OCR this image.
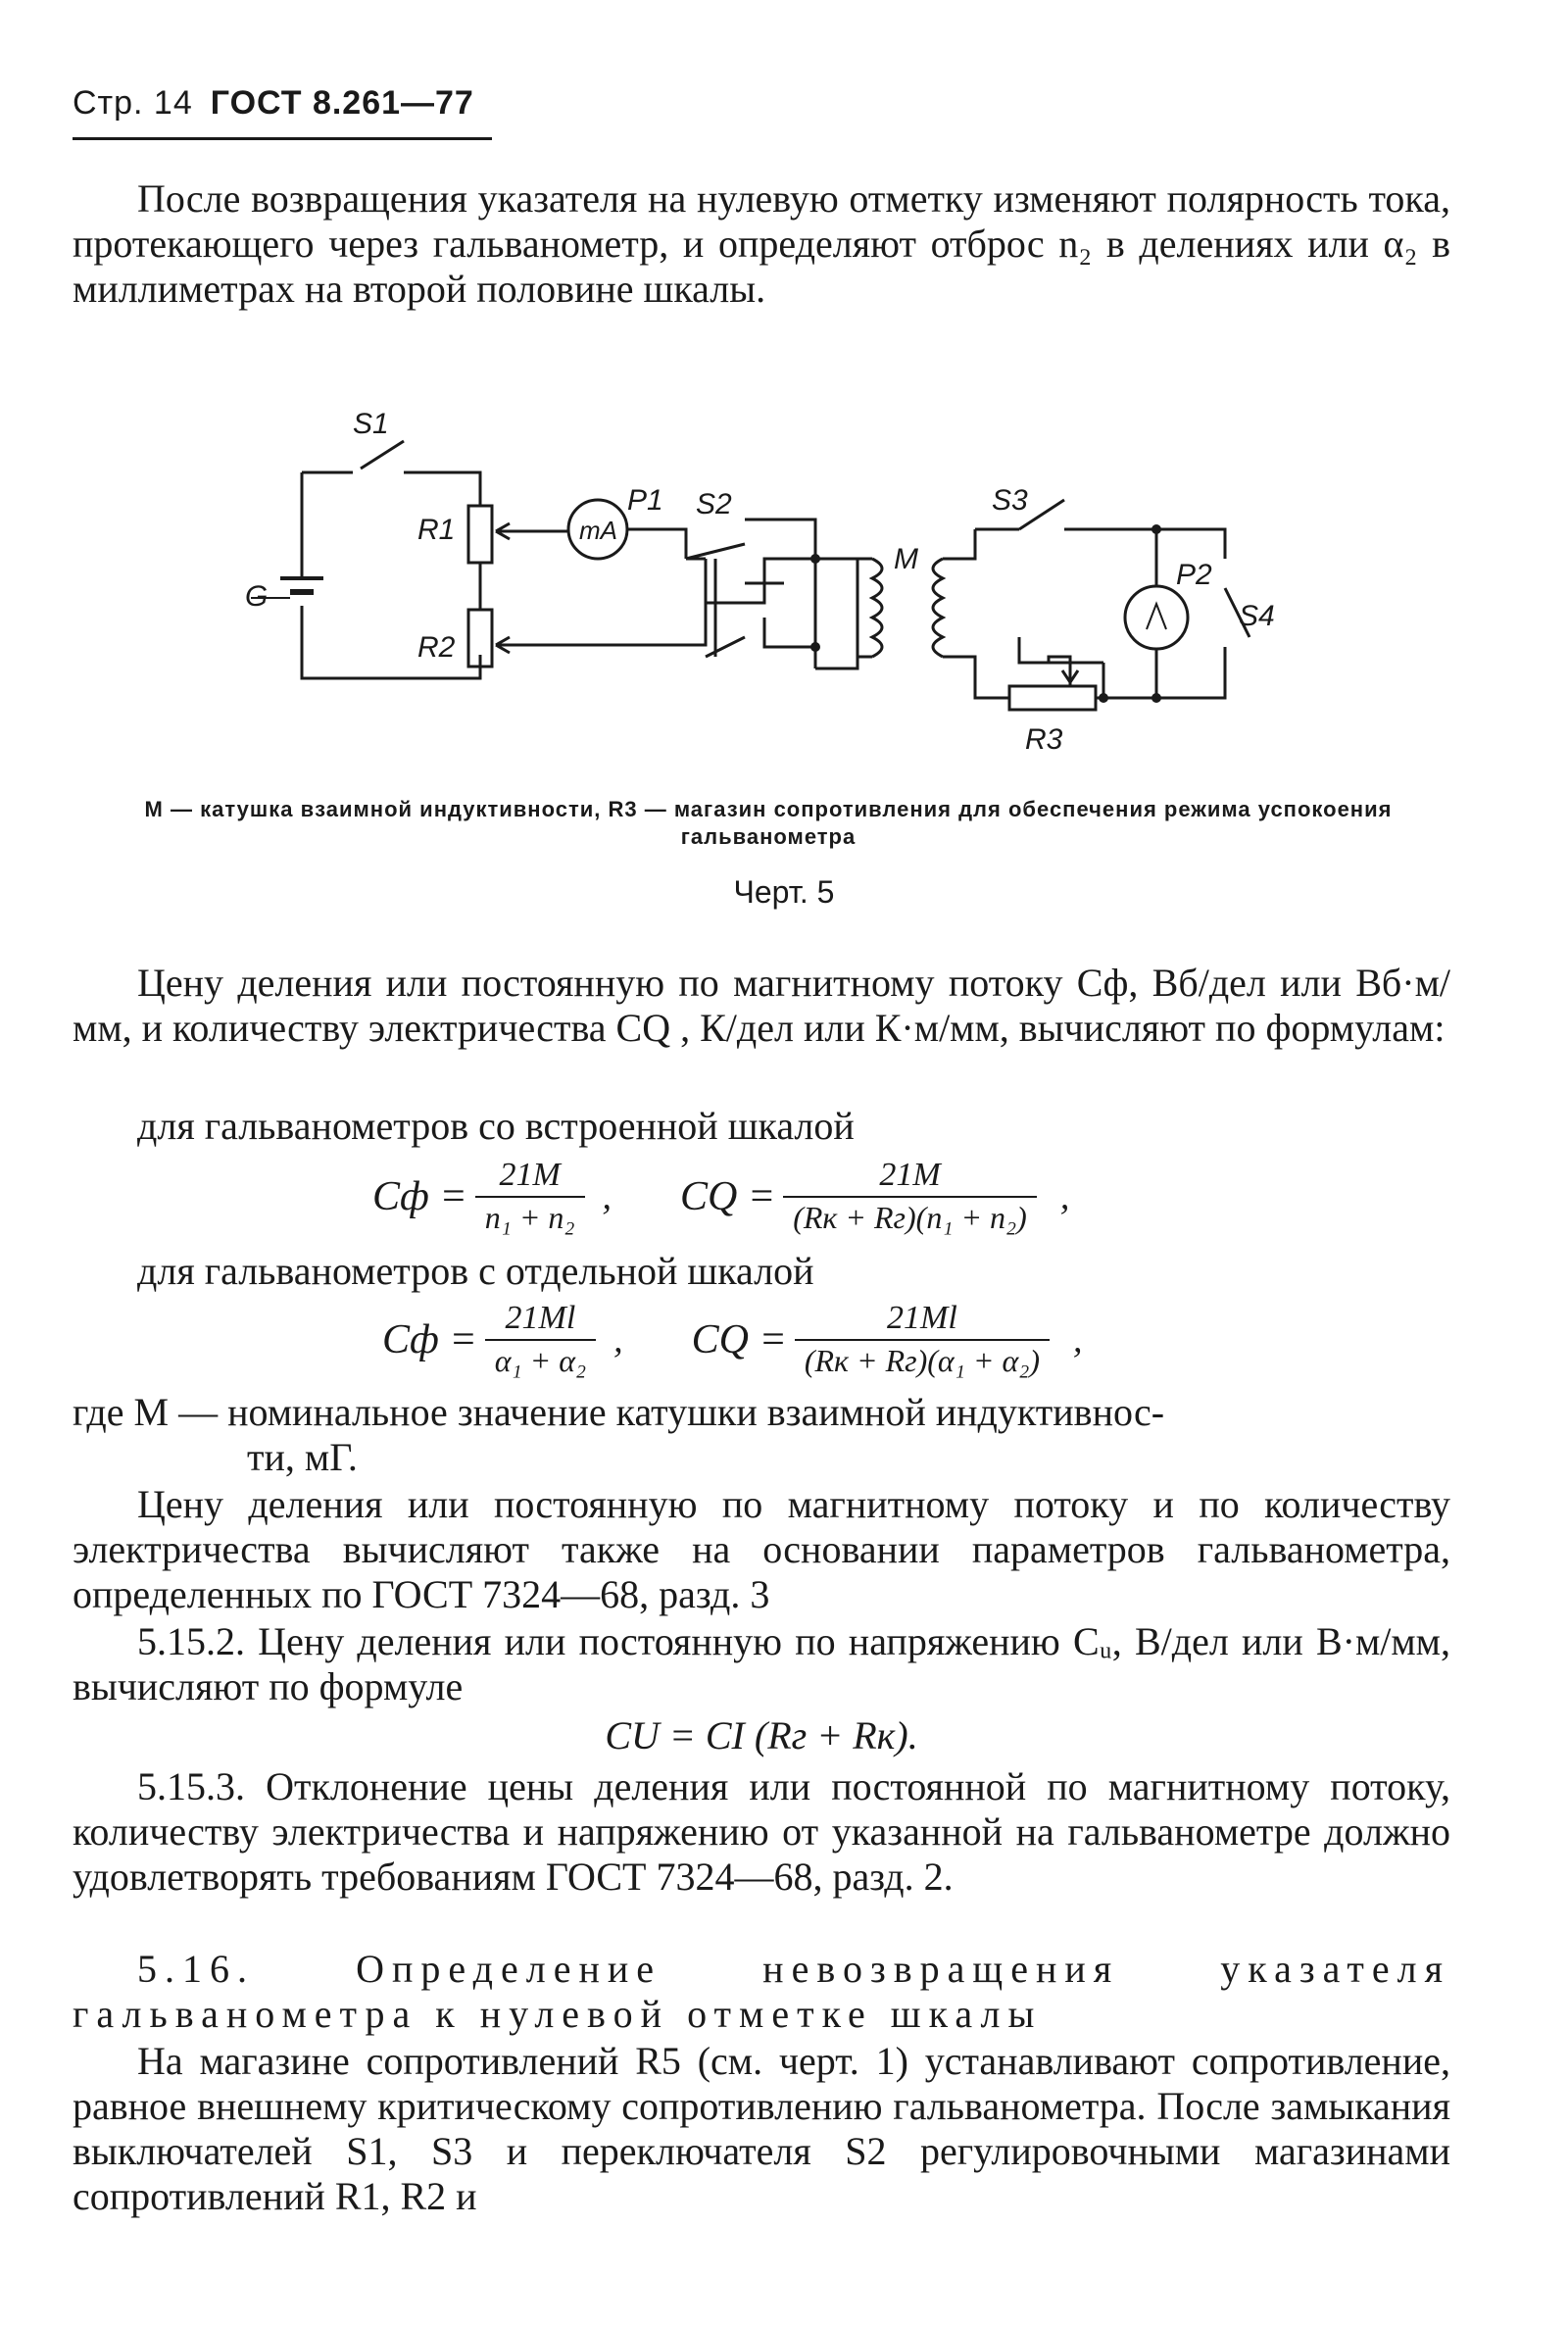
Стр. 14 ГОСТ 8.261—77
После возвращения указателя на нулевую отметку изменяют полярность тока, протекающего через гальванометр, и определяют отброс n₂ в делениях или α₂ в миллиметрах на второй половине шкалы.
S1
G
R1
R2
P1
mA
S2
M
S3
P2
S4
R3
М — катушка взаимной индуктивности, R3 — магазин сопротивления для обеспечения режима успокоения гальванометра
Черт. 5
Цену деления или постоянную по магнитному потоку Сф, Вб/дел или Вб·м/мм, и количеству электричества CQ , К/дел или К·м/мм, вычисляют по формулам:
для гальванометров со встроенной шкалой
Cф = $\frac{21M}{\text{n₁ + n₂}}$ , CQ = $\frac{21M}{\text{(Rк + Rг)(n₁ + n₂)}}$ ,
для гальванометров с отдельной шкалой
Cф = $\frac{21Ml}{\text{α₁ + α₂}}$ , CQ = $\frac{21Ml}{\text{(Rк + Rг)(α₁ + α₂)}}$ ,
где M — номинальное значение катушки взаимной индуктивнос-
ти, мГ.
Цену деления или постоянную по магнитному потоку и по количеству электричества вычисляют также на основании параметров гальванометра, определенных по ГОСТ 7324—68, разд. 3
5.15.2. Цену деления или постоянную по напряжению Cᵤ, В/дел или В·м/мм, вычисляют по формуле
CU = CI (Rг + Rк).
5.15.3. Отклонение цены деления или постоянной по магнитному потоку, количеству электричества и напряжению от указанной на гальванометре должно удовлетворять требованиям ГОСТ 7324—68, разд. 2.
5.16. Определение невозвращения указателя гальванометра к нулевой отметке шкалы
На магазине сопротивлений R5 (см. черт. 1) устанавливают сопротивление, равное внешнему критическому сопротивлению гальванометра. После замыкания выключателей S1, S3 и переключателя S2 регулировочными магазинами сопротивлений R1, R2 и
